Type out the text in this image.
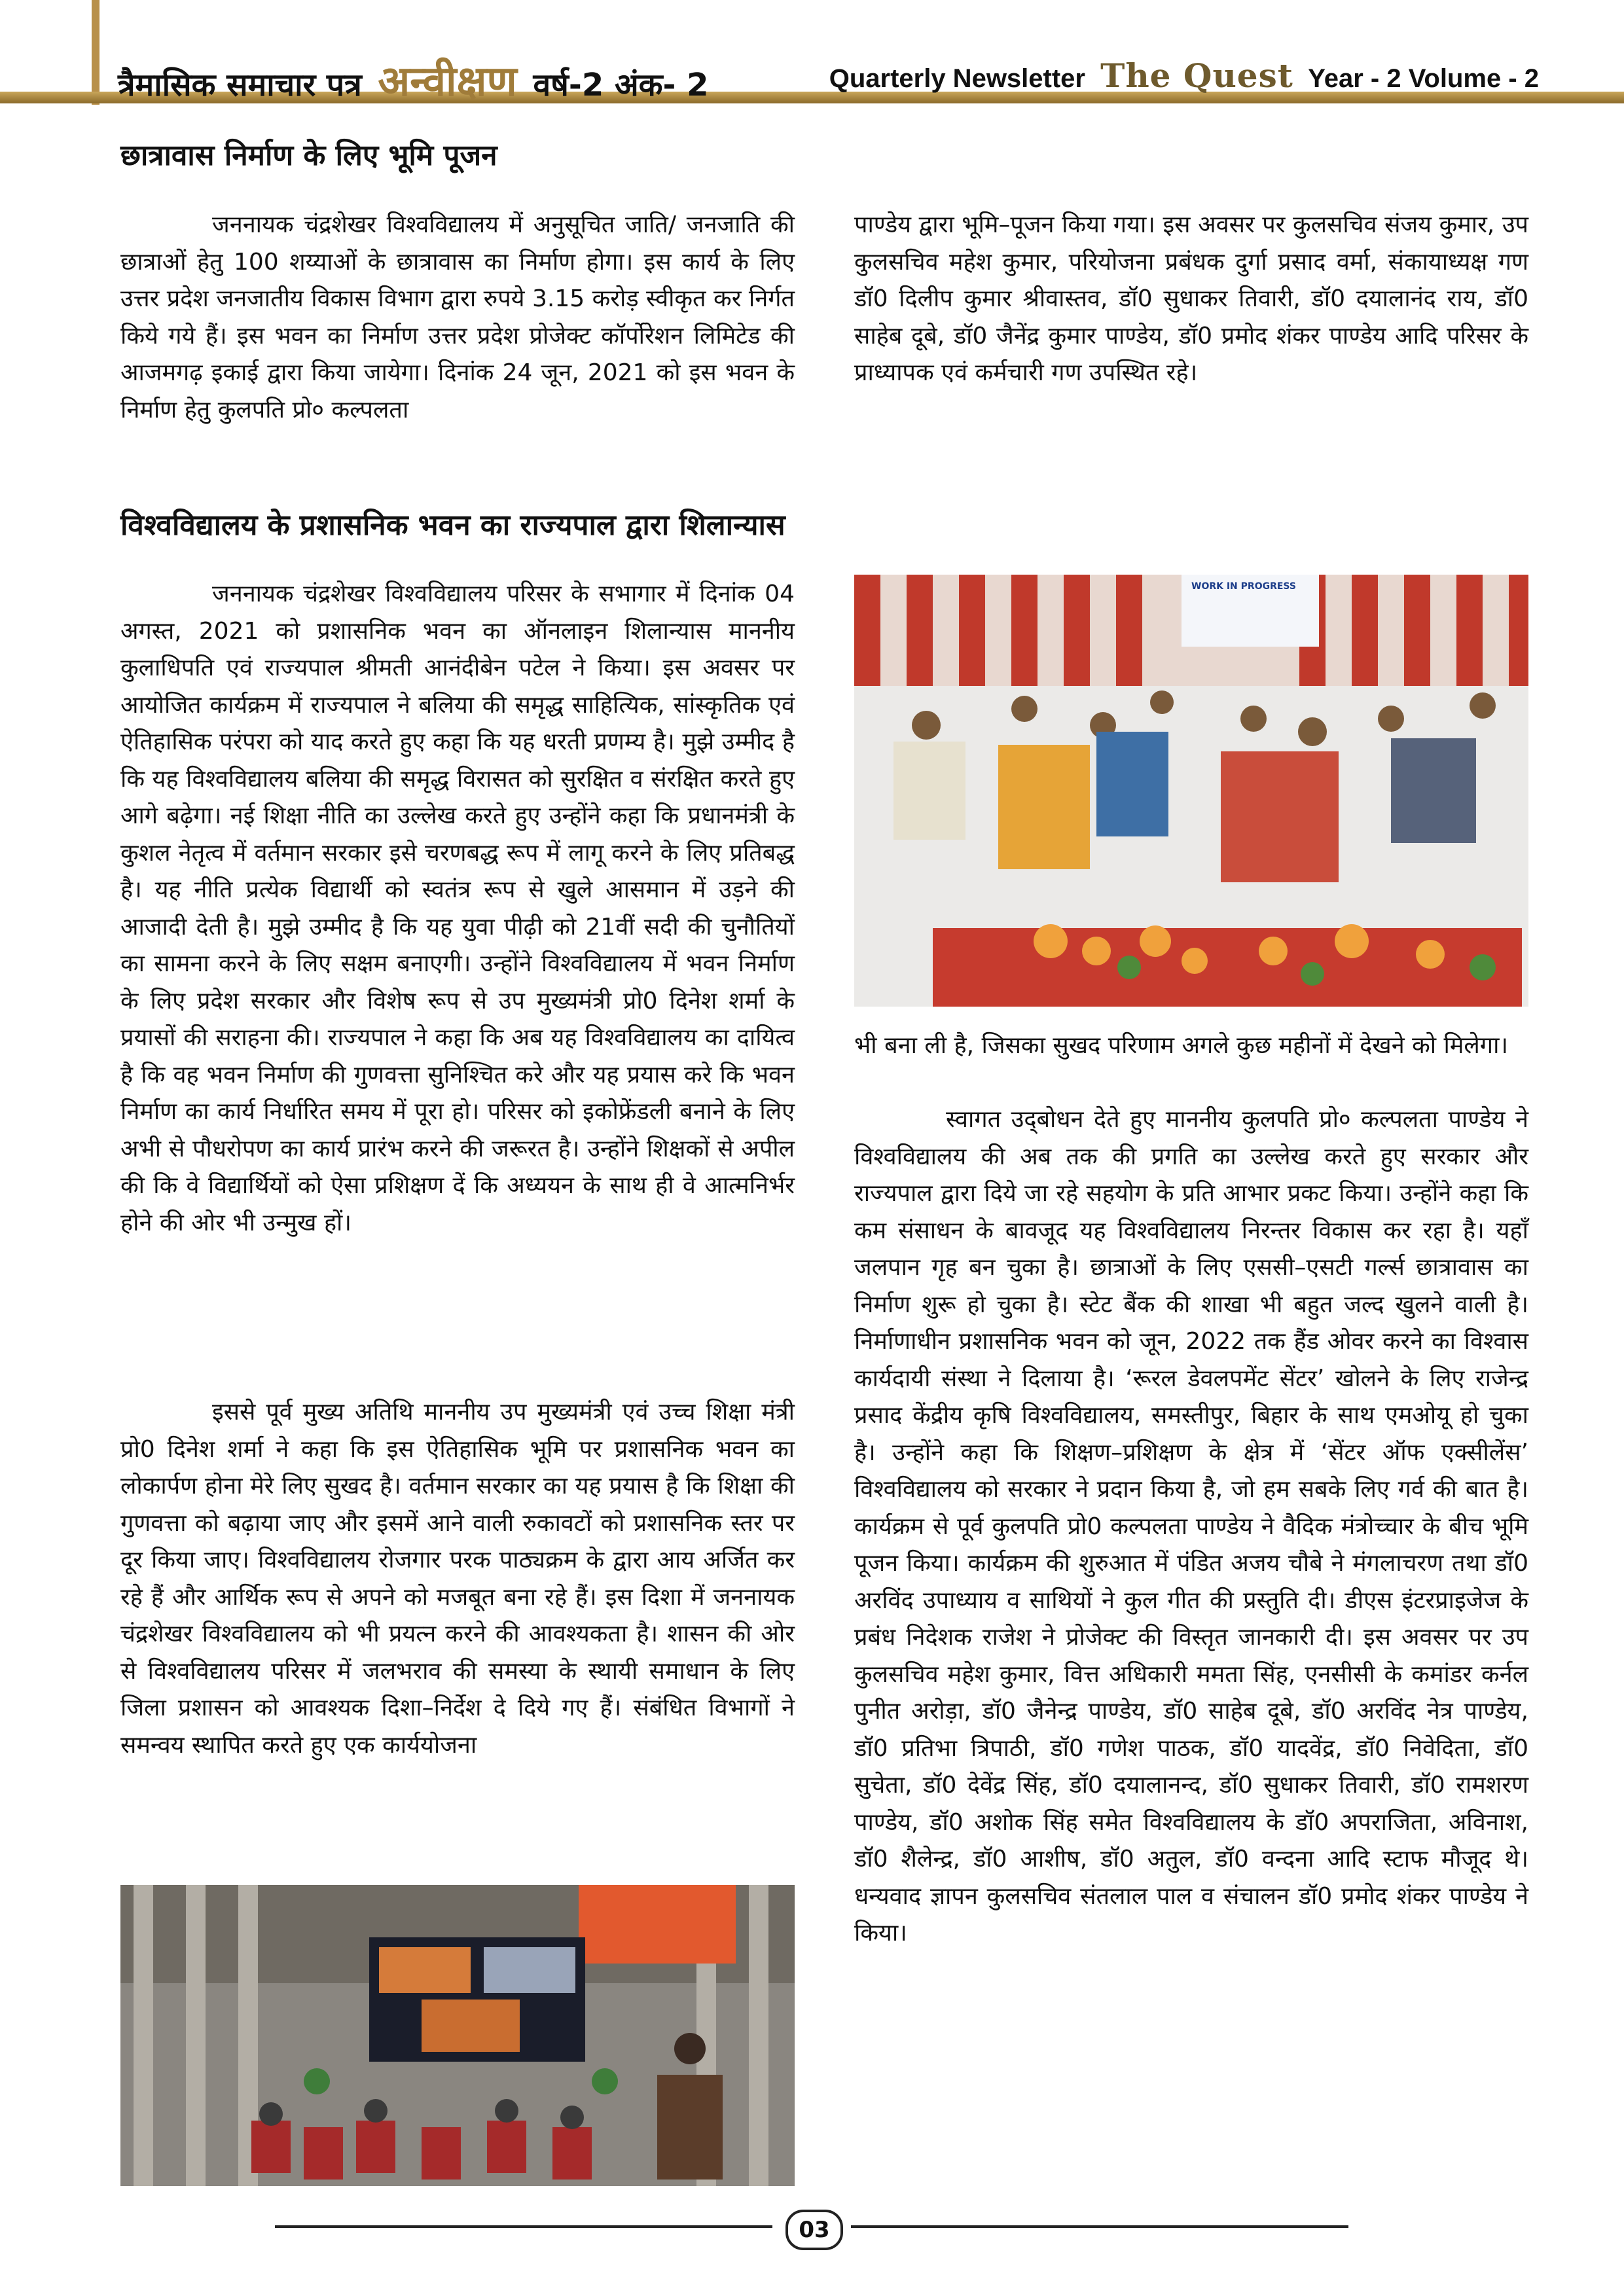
त्रैमासिक समाचार पत्र अन्वीक्षण वर्ष-2 अंक- 2	Quarterly Newsletter The Quest Year - 2 Volume - 2
छात्रावास निर्माण के लिए भूमि पूजन

जननायक चंद्रशेखर विश्वविद्यालय में अनुसूचित जाति/ जनजाति की छात्राओं हेतु 100 शय्याओं के छात्रावास का निर्माण होगा। इस कार्य के लिए उत्तर प्रदेश जनजातीय विकास विभाग द्वारा रुपये 3.15 करोड़ स्वीकृत कर निर्गत किये गये हैं। इस भवन का निर्माण उत्तर प्रदेश प्रोजेक्ट कॉर्पोरेशन लिमिटेड की आजमगढ़ इकाई द्वारा किया जायेगा। दिनांक 24 जून, 2021 को इस भवन के निर्माण हेतु कुलपति प्रो० कल्पलता

पाण्डेय द्वारा भूमि–पूजन किया गया। इस अवसर पर कुलसचिव संजय कुमार, उप कुलसचिव महेश कुमार, परियोजना प्रबंधक दुर्गा प्रसाद वर्मा, संकायाध्यक्ष गण डॉ0 दिलीप कुमार श्रीवास्तव, डॉ0 सुधाकर तिवारी, डॉ0 दयालानंद राय, डॉ0 साहेब दूबे, डॉ0 जैनेंद्र कुमार पाण्डेय, डॉ0 प्रमोद शंकर पाण्डेय आदि परिसर के प्राध्यापक एवं कर्मचारी गण उपस्थित रहे।

विश्वविद्यालय के प्रशासनिक भवन का राज्यपाल द्वारा शिलान्यास

जननायक चंद्रशेखर विश्वविद्यालय परिसर के सभागार में दिनांक 04 अगस्त, 2021 को प्रशासनिक भवन का ऑनलाइन शिलान्यास माननीय कुलाधिपति एवं राज्यपाल श्रीमती आनंदीबेन पटेल ने किया। इस अवसर पर आयोजित कार्यक्रम में राज्यपाल ने बलिया की समृद्ध साहित्यिक, सांस्कृतिक एवं ऐतिहासिक परंपरा को याद करते हुए कहा कि यह धरती प्रणम्य है। मुझे उम्मीद है कि यह विश्वविद्यालय बलिया की समृद्ध विरासत को सुरक्षित व संरक्षित करते हुए आगे बढ़ेगा। नई शिक्षा नीति का उल्लेख करते हुए उन्होंने कहा कि प्रधानमंत्री के कुशल नेतृत्व में वर्तमान सरकार इसे चरणबद्ध रूप में लागू करने के लिए प्रतिबद्ध है। यह नीति प्रत्येक विद्यार्थी को स्वतंत्र रूप से खुले आसमान में उड़ने की आजादी देती है। मुझे उम्मीद है कि यह युवा पीढ़ी को 21वीं सदी की चुनौतियों का सामना करने के लिए सक्षम बनाएगी। उन्होंने विश्वविद्यालय में भवन निर्माण के लिए प्रदेश सरकार और विशेष रूप से उप मुख्यमंत्री प्रो0 दिनेश शर्मा के प्रयासों की सराहना की। राज्यपाल ने कहा कि अब यह विश्वविद्यालय का दायित्व है कि वह भवन निर्माण की गुणवत्ता सुनिश्चित करे और यह प्रयास करे कि भवन निर्माण का कार्य निर्धारित समय में पूरा हो। परिसर को इकोफ्रेंडली बनाने के लिए अभी से पौधरोपण का कार्य प्रारंभ करने की जरूरत है। उन्होंने शिक्षकों से अपील की कि वे विद्यार्थियों को ऐसा प्रशिक्षण दें कि अध्ययन के साथ ही वे आत्मनिर्भर होने की ओर भी उन्मुख हों।

इससे पूर्व मुख्य अतिथि माननीय उप मुख्यमंत्री एवं उच्च शिक्षा मंत्री प्रो0 दिनेश शर्मा ने कहा कि इस ऐतिहासिक भूमि पर प्रशासनिक भवन का लोकार्पण होना मेरे लिए सुखद है। वर्तमान सरकार का यह प्रयास है कि शिक्षा की गुणवत्ता को बढ़ाया जाए और इसमें आने वाली रुकावटों को प्रशासनिक स्तर पर दूर किया जाए। विश्वविद्यालय रोजगार परक पाठ्यक्रम के द्वारा आय अर्जित कर रहे हैं और आर्थिक रूप से अपने को मजबूत बना रहे हैं। इस दिशा में जननायक चंद्रशेखर विश्वविद्यालय को भी प्रयत्न करने की आवश्यकता है। शासन की ओर से विश्वविद्यालय परिसर में जलभराव की समस्या के स्थायी समाधान के लिए जिला प्रशासन को आवश्यक दिशा–निर्देश दे दिये गए हैं। संबंधित विभागों ने समन्वय स्थापित करते हुए एक कार्ययोजना

WORK IN PROGRESS

भी बना ली है, जिसका सुखद परिणाम अगले कुछ महीनों में देखने को मिलेगा।

स्वागत उद्‌बोधन देते हुए माननीय कुलपति प्रो० कल्पलता पाण्डेय ने विश्वविद्यालय की अब तक की प्रगति का उल्लेख करते हुए सरकार और राज्यपाल द्वारा दिये जा रहे सहयोग के प्रति आभार प्रकट किया। उन्होंने कहा कि कम संसाधन के बावजूद यह विश्वविद्यालय निरन्तर विकास कर रहा है। यहाँ जलपान गृह बन चुका है। छात्राओं के लिए एससी–एसटी गर्ल्स छात्रावास का निर्माण शुरू हो चुका है। स्टेट बैंक की शाखा भी बहुत जल्द खुलने वाली है। निर्माणाधीन प्रशासनिक भवन को जून, 2022 तक हैंड ओवर करने का विश्वास कार्यदायी संस्था ने दिलाया है। ‘रूरल डेवलपमेंट सेंटर’ खोलने के लिए राजेन्द्र प्रसाद केंद्रीय कृषि विश्वविद्यालय, समस्तीपुर, बिहार के साथ एमओयू हो चुका है। उन्होंने कहा कि शिक्षण–प्रशिक्षण के क्षेत्र में ‘सेंटर ऑफ एक्सीलेंस’ विश्वविद्यालय को सरकार ने प्रदान किया है, जो हम सबके लिए गर्व की बात है। कार्यक्रम से पूर्व कुलपति प्रो0 कल्पलता पाण्डेय ने वैदिक मंत्रोच्चार के बीच भूमि पूजन किया। कार्यक्रम की शुरुआत में पंडित अजय चौबे ने मंगलाचरण तथा डॉ0 अरविंद उपाध्याय व साथियों ने कुल गीत की प्रस्तुति दी। डीएस इंटरप्राइजेज के प्रबंध निदेशक राजेश ने प्रोजेक्ट की विस्तृत जानकारी दी। इस अवसर पर उप कुलसचिव महेश कुमार, वित्त अधिकारी ममता सिंह, एनसीसी के कमांडर कर्नल पुनीत अरोड़ा, डॉ0 जैनेन्द्र पाण्डेय, डॉ0 साहेब दूबे, डॉ0 अरविंद नेत्र पाण्डेय, डॉ0 प्रतिभा त्रिपाठी, डॉ0 गणेश पाठक, डॉ0 यादवेंद्र, डॉ0 निवेदिता, डॉ0 सुचेता, डॉ0 देवेंद्र सिंह, डॉ0 दयालानन्द, डॉ0 सुधाकर तिवारी, डॉ0 रामशरण पाण्डेय, डॉ0 अशोक सिंह समेत विश्वविद्यालय के डॉ0 अपराजिता, अविनाश, डॉ0 शैलेन्द्र, डॉ0 आशीष, डॉ0 अतुल, डॉ0 वन्दना आदि स्टाफ मौजूद थे। धन्यवाद ज्ञापन कुलसचिव संतलाल पाल व संचालन डॉ0 प्रमोद शंकर पाण्डेय ने किया।

03
